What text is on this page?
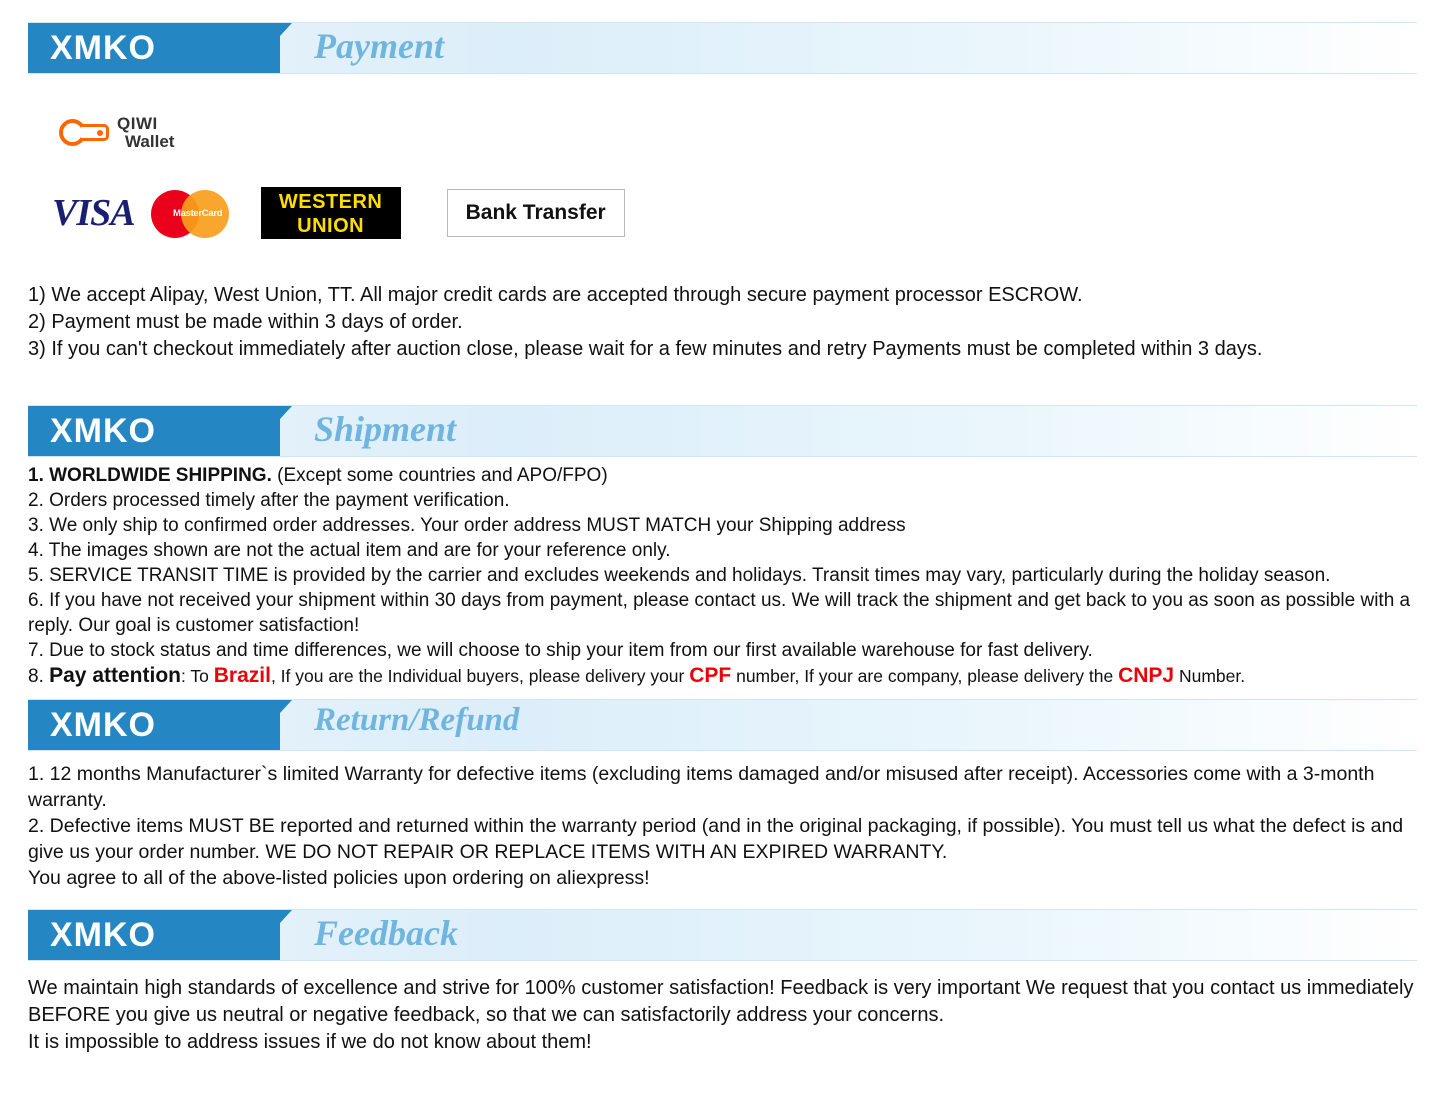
XMKO	Payment
QIWI
Wallet
VISA	MasterCard
WESTERN
UNION
Bank Transfer

1) We accept Alipay, West Union, TT. All major credit cards are accepted through secure payment processor ESCROW.

2) Payment must be made within 3 days of order.

3) If you can't checkout immediately after auction close, please wait for a few minutes and retry Payments must be completed within 3 days.

XMKO	Shipment

1. WORLDWIDE SHIPPING. (Except some countries and APO/FPO)

2. Orders processed timely after the payment verification.

3. We only ship to confirmed order addresses. Your order address MUST MATCH your Shipping address

4. The images shown are not the actual item and are for your reference only.

5. SERVICE TRANSIT TIME is provided by the carrier and excludes weekends and holidays. Transit times may vary, particularly during the holiday season.

6. If you have not received your shipment within 30 days from payment, please contact us. We will track the shipment and get back to you as soon as possible with a reply. Our goal is customer satisfaction!

7. Due to stock status and time differences, we will choose to ship your item from our first available warehouse for fast delivery.

8. Pay attention: To Brazil, If you are the Individual buyers, please delivery your CPF number, If your are company, please delivery the CNPJ Number.

XMKO	Return/Refund

1. 12 months Manufacturer`s limited Warranty for defective items (excluding items damaged and/or misused after receipt). Accessories come with a 3-month warranty.

2. Defective items MUST BE reported and returned within the warranty period (and in the original packaging, if possible). You must tell us what the defect is and give us your order number. WE DO NOT REPAIR OR REPLACE ITEMS WITH AN EXPIRED WARRANTY.

You agree to all of the above-listed policies upon ordering on aliexpress!

XMKO	Feedback

We maintain high standards of excellence and strive for 100% customer satisfaction! Feedback is very important We request that you contact us immediately BEFORE you give us neutral or negative feedback, so that we can satisfactorily address your concerns.

It is impossible to address issues if we do not know about them!
